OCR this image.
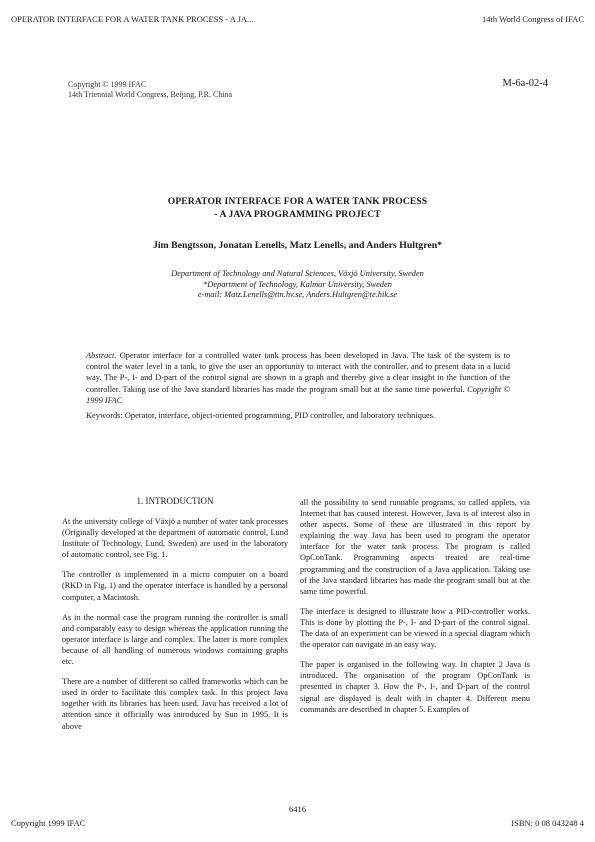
OPERATOR INTERFACE FOR A WATER TANK PROCESS - A JA...	14th World Congress of IFAC
Copyright © 1999 IFAC
14th Triennial World Congress, Beijing, P.R. China
M-6a-02-4
OPERATOR INTERFACE FOR A WATER TANK PROCESS
- A JAVA PROGRAMMING PROJECT
Jim Bengtsson, Jonatan Lenells, Matz Lenells, and Anders Hultgren*
Department of Technology and Natural Sciences, Växjö University, Sweden
*Department of Technology, Kalmar University, Sweden
e-mail: Matz.Lenells@ttn.hv.se, Anders.Hultgren@te.hik.se
Abstract. Operator interface for a controlled water tank process has been developed in Java. The task of the system is to control the water level in a tank, to give the user an opportunity to interact with the controller, and to present data in a lucid way. The P-, I- and D-part of the control signal are shown in a graph and thereby give a clear insight in the function of the controller. Taking use of the Java standard libraries has made the program small but at the same time powerful. Copyright © 1999 IFAC
Keywords: Operator, interface, object-oriented programming, PID controller, and laboratory techniques.
1. INTRODUCTION

At the university college of Växjö a number of water tank processes (Originally developed at the department of automatic control, Lund Institute of Technology, Lund, Sweden) are used in the laboratory of automatic control, see Fig. 1.

The controller is implemented in a micro computer on a board (RKD in Fig. 1) and the operator interface is handled by a personal computer, a Macintosh.

As in the normal case the program running the controller is small and comparably easy to design whereas the application running the operator interface is large and complex. The latter is more complex because of all handling of numerous windows containing graphs etc.

There are a number of different so called frameworks which can be used in order to facilitate this complex task. In this project Java together with its libraries has been used. Java has received a lot of attention since it officially was introduced by Sun in 1995. It is above

all the possibility to send runnable programs, so called applets, via Internet that has caused interest. However, Java is of interest also in other aspects. Some of these are illustrated in this report by explaining the way Java has been used to program the operator interface for the water tank process. The program is called OpConTank. Programming aspects treated are real-time programming and the construction of a Java application. Taking use of the Java standard libraries has made the program small but at the same time powerful.

The interface is designed to illustrate how a PID-controller works. This is done by plotting the P-, I- and D-part of the control signal. The data of an experiment can be viewed in a special diagram which the operator can navigate in an easy way.

The paper is organised in the following way. In chapter 2 Java is introduced. The organisation of the program OpConTank is presented in chapter 3. How the P-, I-, and D-part of the control signal are displayed is dealt with in chapter 4. Different menu commands are described in chapter 5. Examples of

6416
Copyright 1999 IFAC	ISBN: 0 08 043248 4
